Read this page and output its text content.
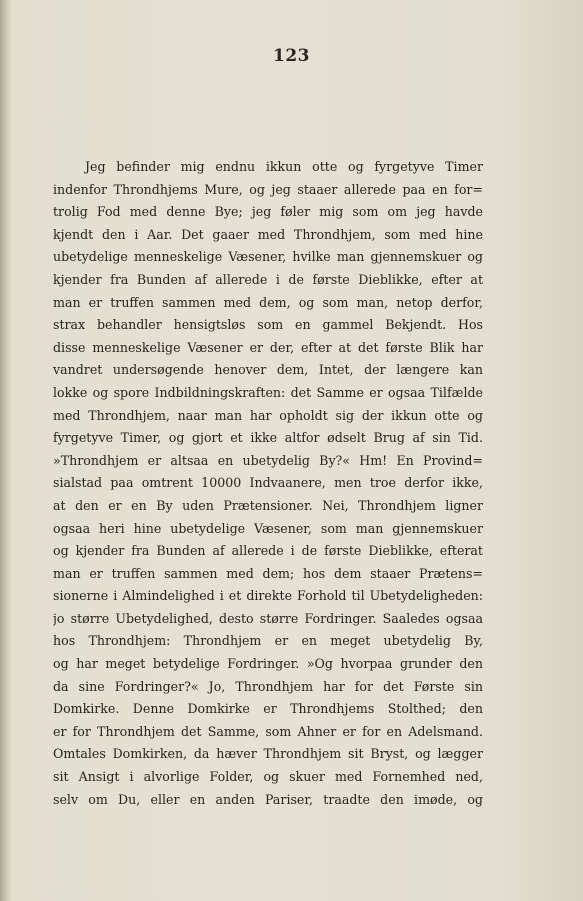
123
Jeg befinder mig endnu ikkun otte og fyrgetyve Timer
indenfor Throndhjems Mure, og jeg staaer allerede paa en for=
trolig Fod med denne Bye; jeg føler mig som om jeg havde
kjendt den i Aar. Det gaaer med Throndhjem, som med hine
ubetydelige menneskelige Væsener, hvilke man gjennemskuer og
kjender fra Bunden af allerede i de første Dieblikke, efter at
man er truffen sammen med dem, og som man, netop derfor,
strax behandler hensigtsløs som en gammel Bekjendt. Hos
disse menneskelige Væsener er der, efter at det første Blik har
vandret undersøgende henover dem, Intet, der længere kan
lokke og spore Indbildningskraften: det Samme er ogsaa Tilfælde
med Throndhjem, naar man har opholdt sig der ikkun otte og
fyrgetyve Timer, og gjort et ikke altfor ødselt Brug af sin Tid.
»Throndhjem er altsaa en ubetydelig By?« Hm! En Provind=
sialstad paa omtrent 10000 Indvaanere, men troe derfor ikke,
at den er en By uden Prætensioner. Nei, Throndhjem ligner
ogsaa heri hine ubetydelige Væsener, som man gjennemskuer
og kjender fra Bunden af allerede i de første Dieblikke, efterat
man er truffen sammen med dem; hos dem staaer Prætens=
sionerne i Almindelighed i et direkte Forhold til Ubetydeligheden:
jo større Ubetydelighed, desto større Fordringer. Saaledes ogsaa
hos Throndhjem: Throndhjem er en meget ubetydelig By,
og har meget betydelige Fordringer. »Og hvorpaa grunder den
da sine Fordringer?« Jo, Throndhjem har for det Første sin
Domkirke. Denne Domkirke er Throndhjems Stolthed; den
er for Throndhjem det Samme, som Ahner er for en Adelsmand.
Omtales Domkirken, da hæver Throndhjem sit Bryst, og lægger
sit Ansigt i alvorlige Folder, og skuer med Fornemhed ned,
selv om Du, eller en anden Pariser, traadte den imøde, og
